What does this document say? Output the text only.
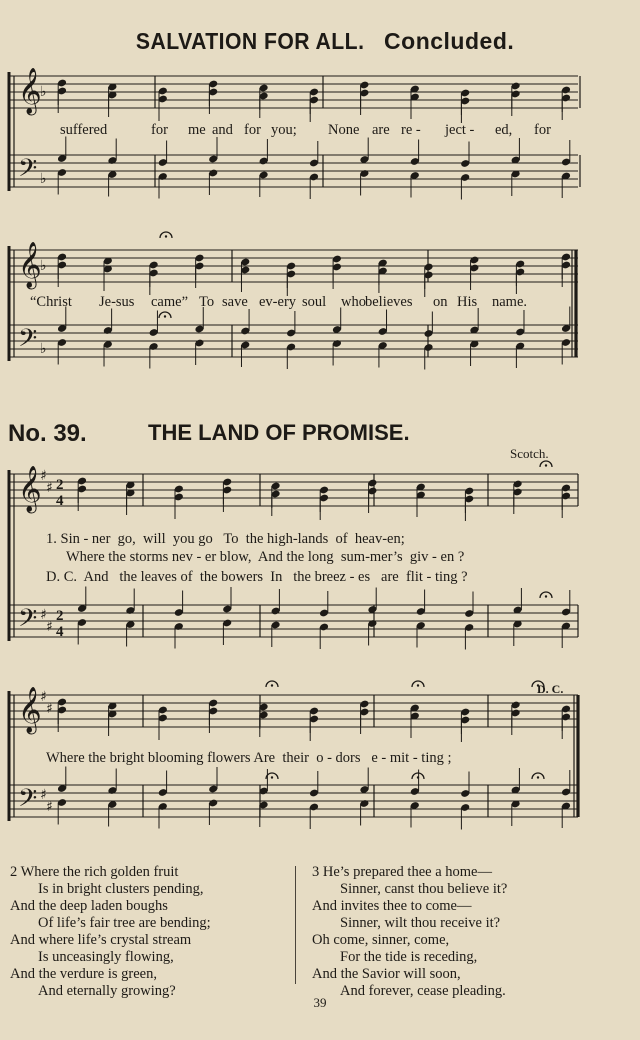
SALVATION FOR ALL. Concluded.
𝄞
𝄢
♭
♭
𝄞
𝄢
♭
♭
𝄞
𝄢
♯
♯
♯
♯
2
4
2
4
𝄞
𝄢
♯
♯
♯
♯
suffered	for me and for you; None are re - ject - ed, for
“Christ Je-sus came” To save ev-ery soul who believes on His name.
No. 39.	THE LAND OF PROMISE.
Scotch.
1. Sin - ner  go,  will  you go   To  the high-lands  of  heav-en;
Where the storms nev - er blow,  And the long  sum-mer’s  giv - en ?
D. C.  And   the leaves of  the bowers  In   the breez - es   are  flit - ting ?
Where the bright blooming flowers Are  their  o - dors   e - mit - ting ;
D. C.
2 Where the rich golden fruit
Is in bright clusters pending,
And the deep laden boughs
Of life’s fair tree are bending;
And where life’s crystal stream
Is unceasingly flowing,
And the verdure is green,
And eternally growing?
3 He’s prepared thee a home—
Sinner, canst thou believe it?
And invites thee to come—
Sinner, wilt thou receive it?
Oh come, sinner, come,
For the tide is receding,
And the Savior will soon,
And forever, cease pleading.
39
